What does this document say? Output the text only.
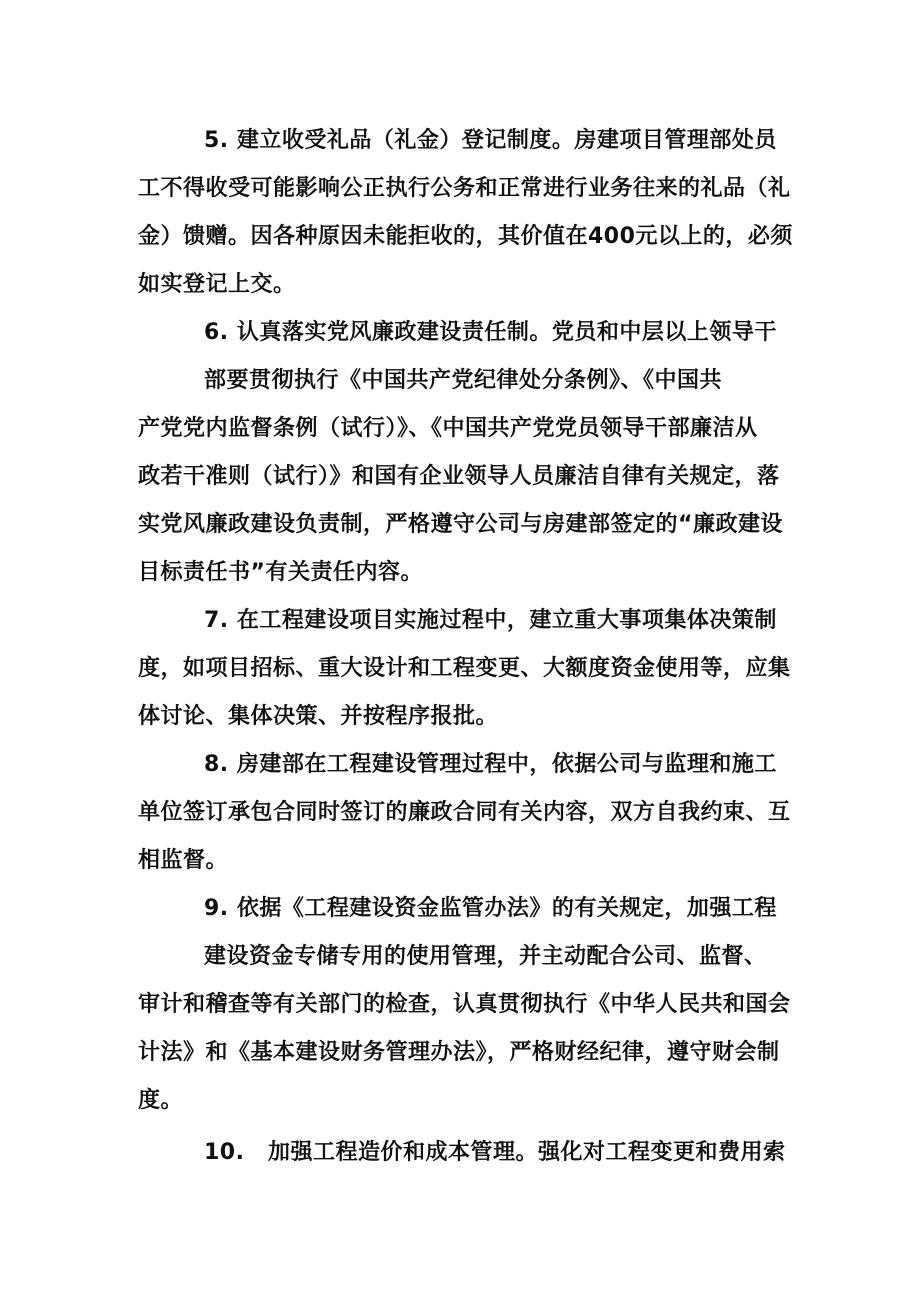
5. 建立收受礼品（礼金）登记制度。房建项目管理部处员
工不得收受可能影响公正执行公务和正常进行业务往来的礼品（礼
金）馈赠。因各种原因未能拒收的，其价值在400元以上的，必须
如实登记上交。
6. 认真落实党风廉政建设责任制。党员和中层以上领导干
部要贯彻执行《中国共产党纪律处分条例》、《中国共
产党党内监督条例（试行）》、《中国共产党党员领导干部廉洁从
政若干准则（试行）》和国有企业领导人员廉洁自律有关规定，落
实党风廉政建设负责制，严格遵守公司与房建部签定的“廉政建设
目标责任书”有关责任内容。
7. 在工程建设项目实施过程中，建立重大事项集体决策制
度，如项目招标、重大设计和工程变更、大额度资金使用等，应集
体讨论、集体决策、并按程序报批。
8. 房建部在工程建设管理过程中，依据公司与监理和施工
单位签订承包合同时签订的廉政合同有关内容，双方自我约束、互
相监督。
9. 依据《工程建设资金监管办法》的有关规定，加强工程
建设资金专储专用的使用管理，并主动配合公司、监督、
审计和稽查等有关部门的检查，认真贯彻执行《中华人民共和国会
计法》和《基本建设财务管理办法》，严格财经纪律，遵守财会制
度。
10. 加强工程造价和成本管理。强化对工程变更和费用索
